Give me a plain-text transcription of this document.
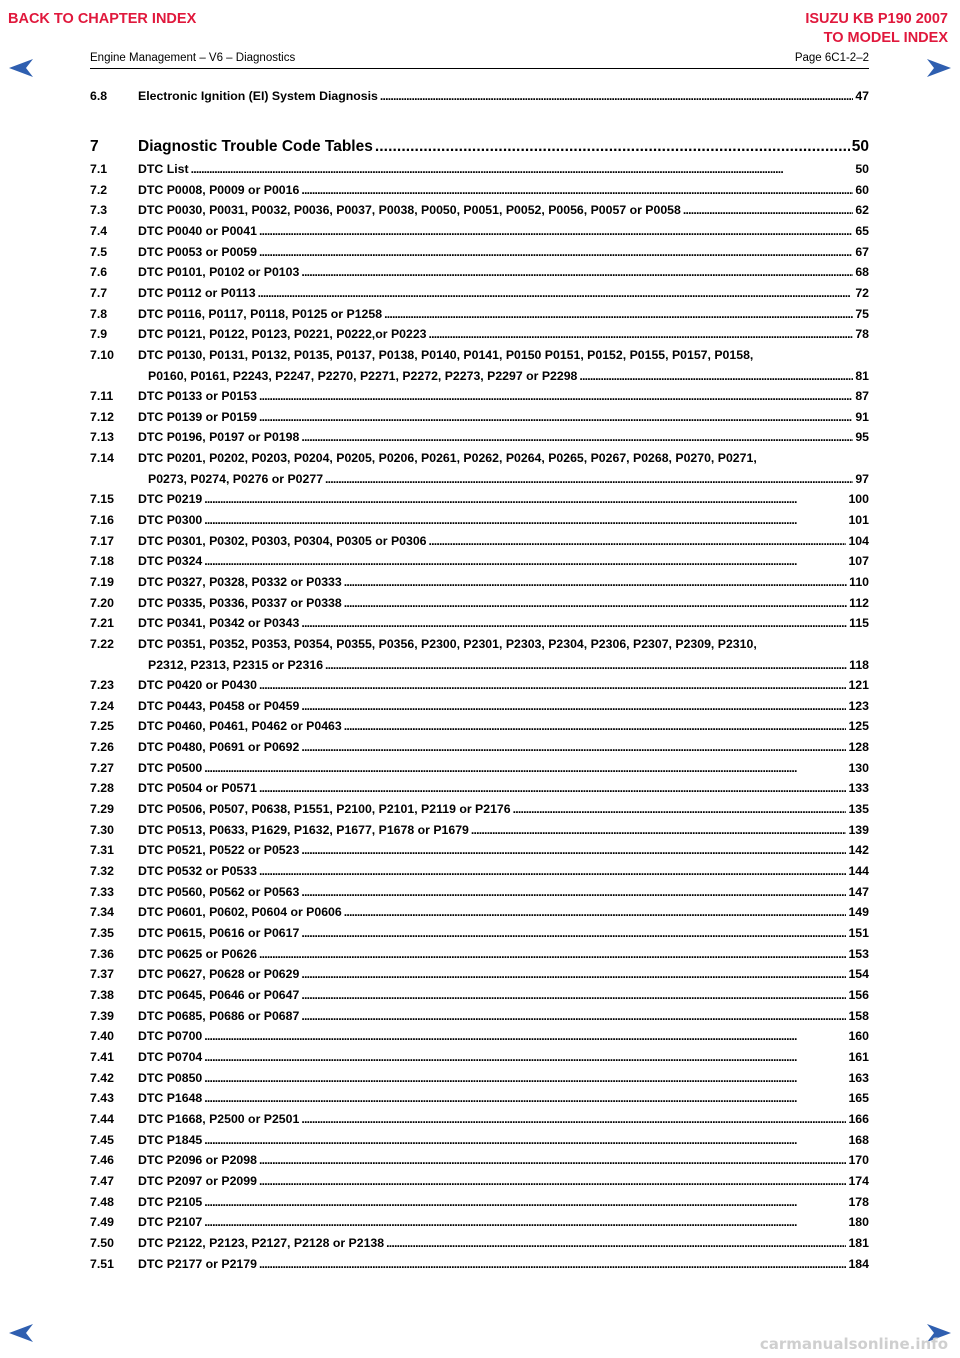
BACK TO CHAPTER INDEX	ISUZU KB P190 2007
TO MODEL INDEX
Engine Management – V6 – Diagnostics	Page 6C1-2–2
6.8	Electronic Ignition (EI) System Diagnosis . . .	47
7	Diagnostic Trouble Code Tables . . .	50
7.1	DTC List . . .	50
7.2	DTC P0008, P0009 or P0016 . . .	60
7.3	DTC P0030, P0031, P0032, P0036, P0037, P0038, P0050, P0051, P0052, P0056, P0057 or P0058 . . .	62
7.4	DTC P0040 or P0041 . . .	65
7.5	DTC P0053 or P0059 . . .	67
7.6	DTC P0101, P0102 or P0103 . . .	68
7.7	DTC P0112 or P0113 . . .	72
7.8	DTC P0116, P0117, P0118, P0125 or P1258 . . .	75
7.9	DTC P0121, P0122, P0123, P0221, P0222,or P0223 . . .	78
7.10 DTC P0130, P0131, P0132, P0135, P0137, P0138, P0140, P0141, P0150 P0151, P0152, P0155, P0157, P0158,
P0160, P0161, P2243, P2247, P2270, P2271, P2272, P2273, P2297 or P2298 . . .	81
7.11 DTC P0133 or P0153 . . .	87
7.12 DTC P0139 or P0159 . . .	91
7.13 DTC P0196, P0197 or P0198 . . .	95
7.14 DTC P0201, P0202, P0203, P0204, P0205, P0206, P0261, P0262, P0264, P0265, P0267, P0268, P0270, P0271,
P0273, P0274, P0276 or P0277 . . .	97
7.15 DTC P0219 . . .	100
7.16 DTC P0300 . . .	101
7.17 DTC P0301, P0302, P0303, P0304, P0305 or P0306 . . .	104
7.18 DTC P0324 . . .	107
7.19 DTC P0327, P0328, P0332 or P0333 . . .	110
7.20 DTC P0335, P0336, P0337 or P0338 . . .	112
7.21 DTC P0341, P0342 or P0343 . . .	115
7.22 DTC P0351, P0352, P0353, P0354, P0355, P0356, P2300, P2301, P2303, P2304, P2306, P2307, P2309, P2310,
P2312, P2313, P2315 or P2316 . . .	118
7.23 DTC P0420 or P0430 . . .	121
7.24 DTC P0443, P0458 or P0459 . . .	123
7.25 DTC P0460, P0461, P0462 or P0463 . . .	125
7.26 DTC P0480, P0691 or P0692 . . .	128
7.27 DTC P0500 . . .	130
7.28 DTC P0504 or P0571 . . .	133
7.29 DTC P0506, P0507, P0638, P1551, P2100, P2101, P2119 or P2176 . . .	135
7.30 DTC P0513, P0633, P1629, P1632, P1677, P1678 or P1679 . . .	139
7.31 DTC P0521, P0522 or P0523 . . .	142
7.32 DTC P0532 or P0533 . . .	144
7.33 DTC P0560, P0562 or P0563 . . .	147
7.34 DTC P0601, P0602, P0604 or P0606 . . .	149
7.35 DTC P0615, P0616 or P0617 . . .	151
7.36 DTC P0625 or P0626 . . .	153
7.37 DTC P0627, P0628 or P0629 . . .	154
7.38 DTC P0645, P0646 or P0647 . . .	156
7.39 DTC P0685, P0686 or P0687 . . .	158
7.40 DTC P0700 . . .	160
7.41 DTC P0704 . . .	161
7.42 DTC P0850 . . .	163
7.43 DTC P1648 . . .	165
7.44 DTC P1668, P2500 or P2501 . . .	166
7.45 DTC P1845 . . .	168
7.46 DTC P2096 or P2098 . . .	170
7.47 DTC P2097 or P2099 . . .	174
7.48 DTC P2105 . . .	178
7.49 DTC P2107 . . .	180
7.50 DTC P2122, P2123, P2127, P2128 or P2138 . . .	181
7.51 DTC P2177 or P2179 . . .	184
carmanualsonline.info
